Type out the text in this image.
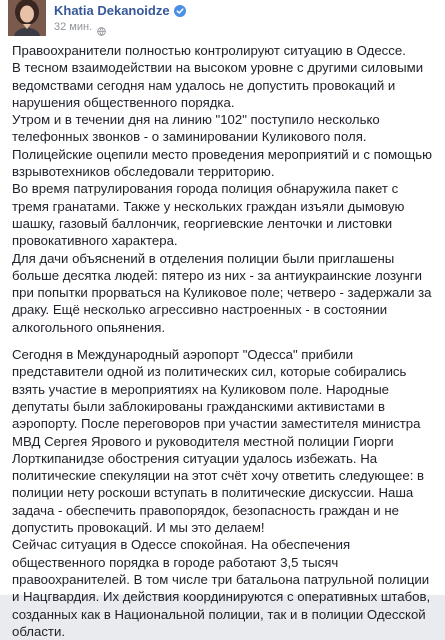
Khatia Dekanoidze
32 мин.

Правоохранители полностью контролируют ситуацию в Одессе.

В тесном взаимодействии на высоком уровне с другими силовыми ведомствами сегодня нам удалось не допустить провокаций и нарушения общественного порядка.

Утром и в течении дня на линию "102" поступило несколько телефонных звонков - о заминировании Куликового поля.

Полицейские оцепили место проведения мероприятий и с помощью взрывотехников обследовали территорию.

Во время патрулирования города полиция обнаружила пакет с тремя гранатами. Также у нескольких граждан изъяли дымовую шашку, газовый баллончик, георгиевские ленточки и листовки провокативного характера.

Для дачи объяснений в отделения полиции были приглашены больше десятка людей: пятеро из них - за антиукраинские лозунги при попытки прорваться на Куликовое поле; четверо - задержали за драку. Ещё несколько агрессивно настроенных - в состоянии алкогольного опьянения.

Сегодня в Международный аэропорт "Одесса" прибили представители одной из политических сил, которые собирались взять участие в мероприятиях на Куликовом поле. Народные депутаты были заблокированы гражданскими активистами в аэропорту. После переговоров при участии заместителя министра МВД Сергея Ярового и руководителя местной полиции Гиорги Лорткипанидзе обострения ситуации удалось избежать. На политические спекуляции на этот счёт хочу ответить следующее: в полиции нету роскоши вступать в политические дискуссии. Наша задача - обеспечить правопорядок, безопасность граждан и не допустить провокаций. И мы это делаем!

Сейчас ситуация в Одессе спокойная. На обеспечения общественного порядка в городе работают 3,5 тысяч правоохранителей. В том числе три батальона патрульной полиции и Нацгвардия. Их действия координируются с оперативных штабов, созданных как в Национальной полиции, так и в полиции Одесской области.
